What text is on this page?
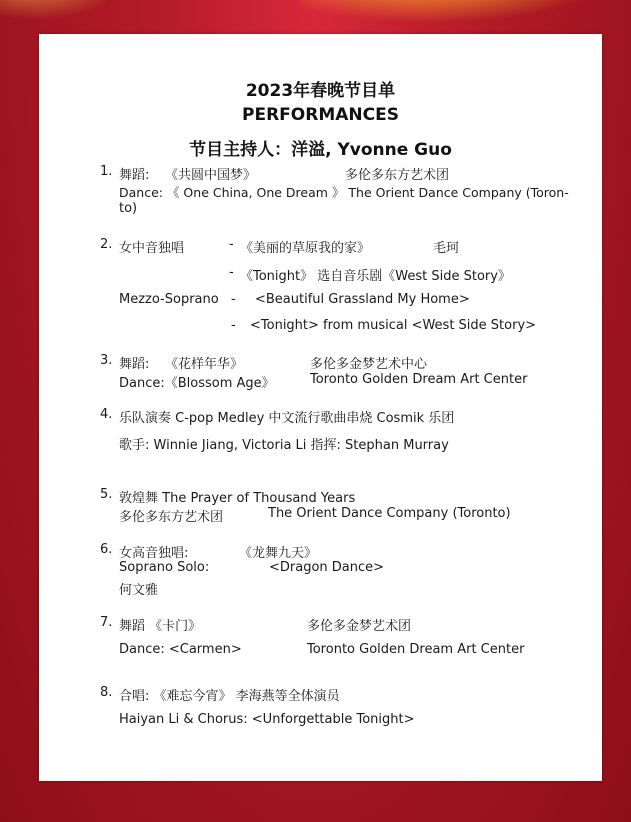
2023年春晚节目单
PERFORMANCES
节目主持人：洋溢, Yvonne Guo
1. 舞蹈: 《共圆中国梦》	多伦多东方艺术团
Dance: 《 One China, One Dream 》 The Orient Dance Company (Toron-
to)
2. 女中音独唱	- 《美丽的草原我的家》	毛珂
- 《Tonight》 选自音乐剧《West Side Story》
Mezzo-Soprano - <Beautiful Grassland My Home>
- <Tonight> from musical <West Side Story>
3. 舞蹈: 《花样年华》	多伦多金梦艺术中心
Dance:《Blossom Age》	Toronto Golden Dream Art Center
4. 乐队演奏 C-pop Medley 中文流行歌曲串烧 Cosmik 乐团
歌手: Winnie Jiang, Victoria Li 指挥: Stephan Murray
5. 敦煌舞 The Prayer of Thousand Years
多伦多东方艺术团	The Orient Dance Company (Toronto)
6. 女高音独唱:	《龙舞九天》
Soprano Solo:	<Dragon Dance>
何文雅
7. 舞蹈 《卡门》	多伦多金梦艺术团
Dance: <Carmen>	Toronto Golden Dream Art Center
8. 合唱: 《难忘今宵》 李海燕等全体演员
Haiyan Li & Chorus: <Unforgettable Tonight>
